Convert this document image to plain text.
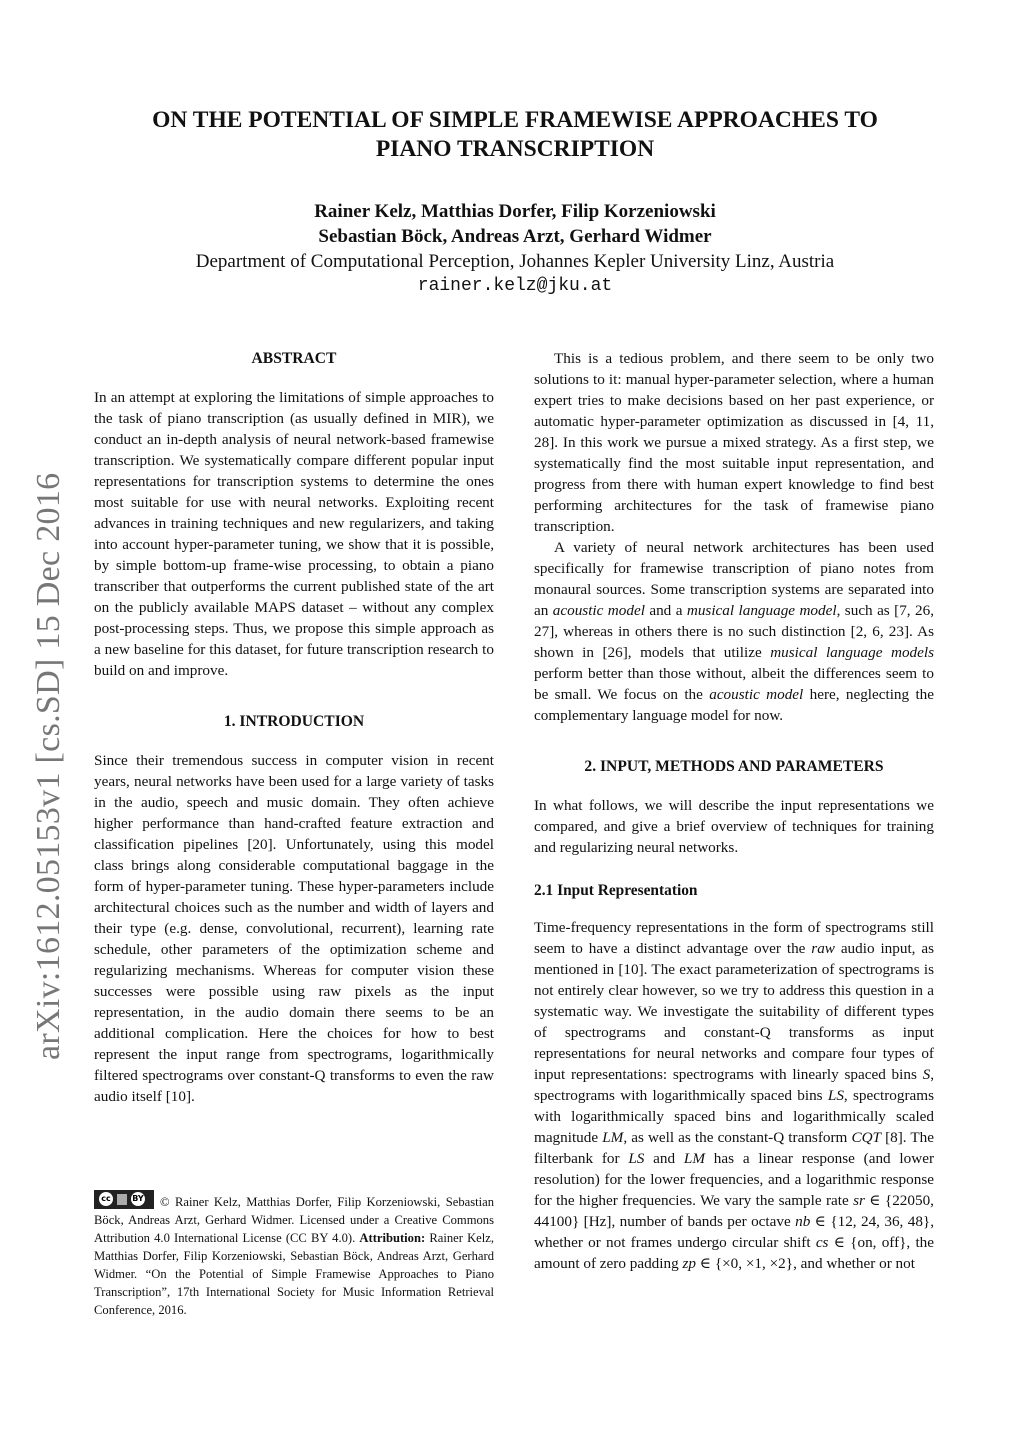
arXiv:1612.05153v1 [cs.SD] 15 Dec 2016
ON THE POTENTIAL OF SIMPLE FRAMEWISE APPROACHES TO
PIANO TRANSCRIPTION
Rainer Kelz, Matthias Dorfer, Filip Korzeniowski
Sebastian Böck, Andreas Arzt, Gerhard Widmer
Department of Computational Perception, Johannes Kepler University Linz, Austria
rainer.kelz@jku.at
ABSTRACT

In an attempt at exploring the limitations of simple approaches to the task of piano transcription (as usually defined in MIR), we conduct an in-depth analysis of neural network-based framewise transcription. We systematically compare different popular input representations for transcription systems to determine the ones most suitable for use with neural networks. Exploiting recent advances in training techniques and new regularizers, and taking into account hyper-parameter tuning, we show that it is possible, by simple bottom-up frame-wise processing, to obtain a piano transcriber that outperforms the current published state of the art on the publicly available MAPS dataset – without any complex post-processing steps. Thus, we propose this simple approach as a new baseline for this dataset, for future transcription research to build on and improve.

1. INTRODUCTION

Since their tremendous success in computer vision in recent years, neural networks have been used for a large variety of tasks in the audio, speech and music domain. They often achieve higher performance than hand-crafted feature extraction and classification pipelines [20]. Unfortunately, using this model class brings along considerable computational baggage in the form of hyper-parameter tuning. These hyper-parameters include architectural choices such as the number and width of layers and their type (e.g. dense, convolutional, recurrent), learning rate schedule, other parameters of the optimization scheme and regularizing mechanisms. Whereas for computer vision these successes were possible using raw pixels as the input representation, in the audio domain there seems to be an additional complication. Here the choices for how to best represent the input range from spectrograms, logarithmically filtered spectrograms over constant-Q transforms to even the raw audio itself [10].

cc	BY © Rainer Kelz, Matthias Dorfer, Filip Korzeniowski, Sebastian Böck, Andreas Arzt, Gerhard Widmer. Licensed under a Creative Commons Attribution 4.0 International License (CC BY 4.0). Attribution: Rainer Kelz, Matthias Dorfer, Filip Korzeniowski, Sebastian Böck, Andreas Arzt, Gerhard Widmer. “On the Potential of Simple Framewise Approaches to Piano Transcription”, 17th International Society for Music Information Retrieval Conference, 2016.

This is a tedious problem, and there seem to be only two solutions to it: manual hyper-parameter selection, where a human expert tries to make decisions based on her past experience, or automatic hyper-parameter optimization as discussed in [4, 11, 28]. In this work we pursue a mixed strategy. As a first step, we systematically find the most suitable input representation, and progress from there with human expert knowledge to find best performing architectures for the task of framewise piano transcription.

A variety of neural network architectures has been used specifically for framewise transcription of piano notes from monaural sources. Some transcription systems are separated into an acoustic model and a musical language model, such as [7, 26, 27], whereas in others there is no such distinction [2, 6, 23]. As shown in [26], models that utilize musical language models perform better than those without, albeit the differences seem to be small. We focus on the acoustic model here, neglecting the complementary language model for now.

2. INPUT, METHODS AND PARAMETERS

In what follows, we will describe the input representations we compared, and give a brief overview of techniques for training and regularizing neural networks.

2.1 Input Representation

Time-frequency representations in the form of spectrograms still seem to have a distinct advantage over the raw audio input, as mentioned in [10]. The exact parameterization of spectrograms is not entirely clear however, so we try to address this question in a systematic way. We investigate the suitability of different types of spectrograms and constant-Q transforms as input representations for neural networks and compare four types of input representations: spectrograms with linearly spaced bins S, spectrograms with logarithmically spaced bins LS, spectrograms with logarithmically spaced bins and logarithmically scaled magnitude LM, as well as the constant-Q transform CQT [8]. The filterbank for LS and LM has a linear response (and lower resolution) for the lower frequencies, and a logarithmic response for the higher frequencies. We vary the sample rate sr ∈ {22050, 44100} [Hz], number of bands per octave nb ∈ {12, 24, 36, 48}, whether or not frames undergo circular shift cs ∈ {on, off}, the amount of zero padding zp ∈ {×0, ×1, ×2}, and whether or not
